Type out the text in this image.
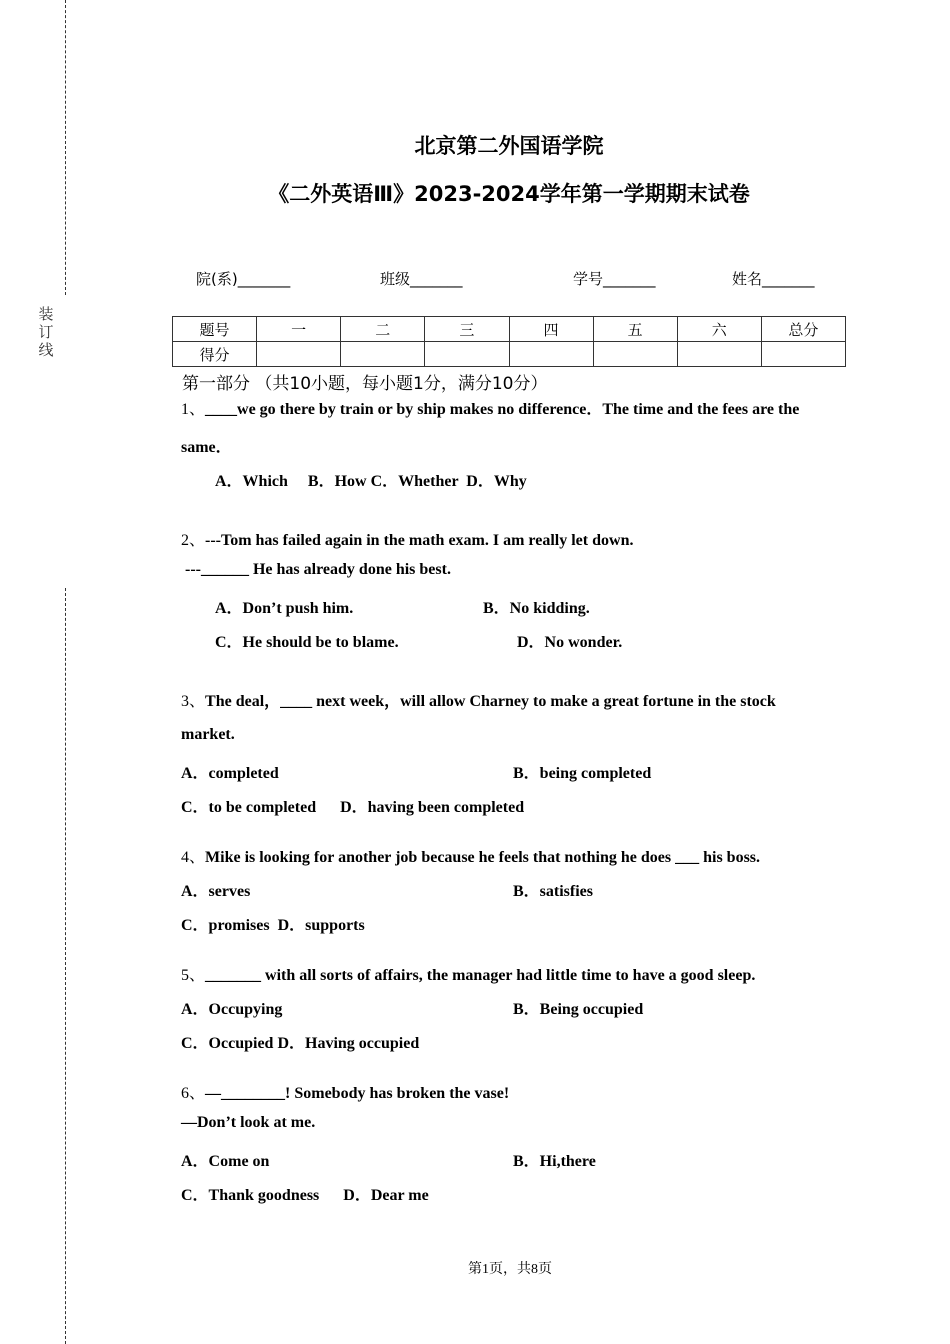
装
订
线
北京第二外国语学院
《二外英语Ⅲ》2023-2024学年第一学期期末试卷
院(系)_______	班级_______	学号_______	姓名_______
题号	一	二	三	四	五	六	总分
得分							
第一部分 （共10小题，每小题1分，满分10分）
1、____we go there by train or by ship makes no difference．The time and the fees are the
same．
A．Which     B．How C．Whether  D．Why
2、---Tom has failed again in the math exam. I am really let down.
---______ He has already done his best.
A．Don’t push him.	B．No kidding.
C．He should be to blame.	D．No wonder.
3、The deal，____ next week，will allow Charney to make a great fortune in the stock
market.
A．completed	B．being completed
C．to be completed      D．having been completed
4、Mike is looking for another job because he feels that nothing he does ___ his boss.
A．serves	B．satisfies
C．promises  D．supports
5、_______ with all sorts of affairs, the manager had little time to have a good sleep.
A．Occupying	B．Being occupied
C．Occupied D．Having occupied
6、—________! Somebody has broken the vase!
—Don’t look at me.
A．Come on	B．Hi,there
C．Thank goodness      D．Dear me
第1页，共8页
